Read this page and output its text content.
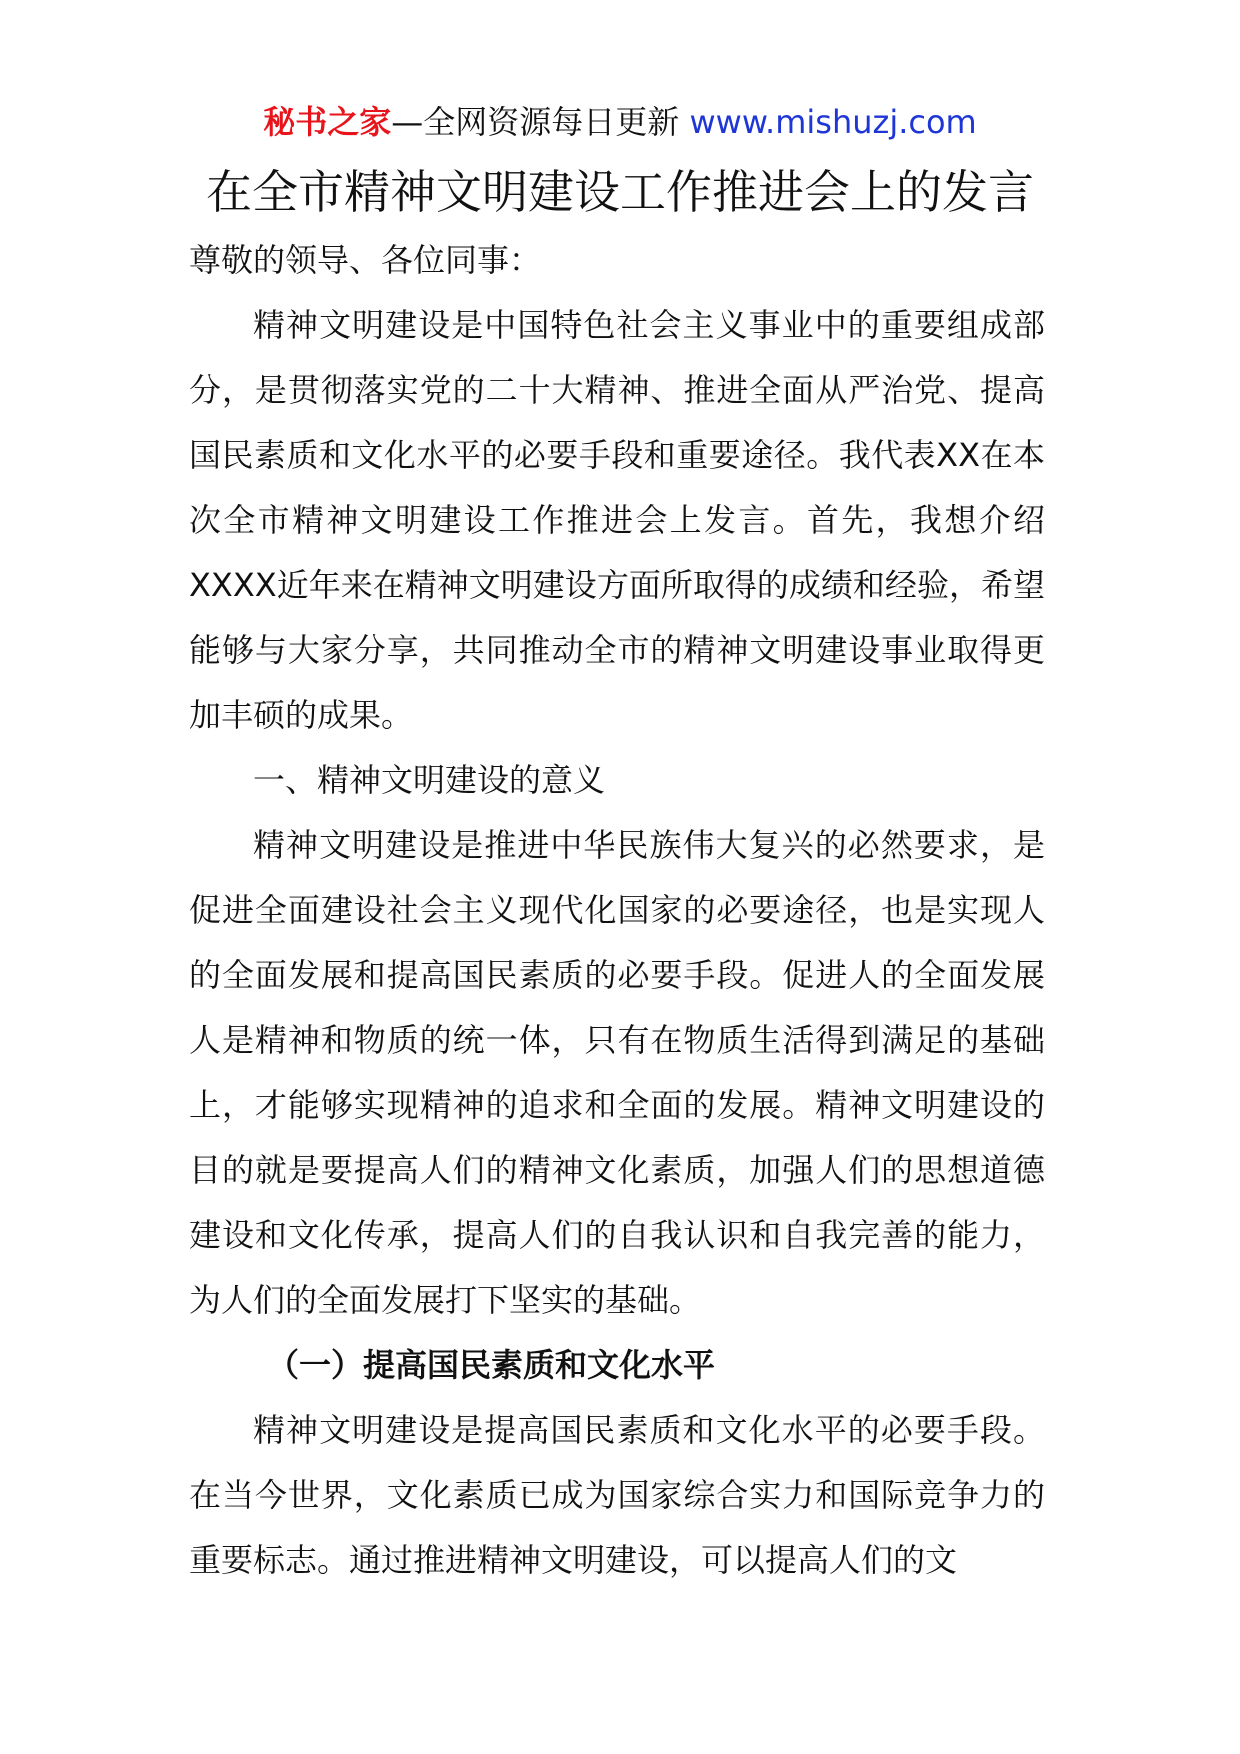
秘书之家—全网资源每日更新 www.mishuzj.com
在全市精神文明建设工作推进会上的发言

尊敬的领导、各位同事：

精神文明建设是中国特色社会主义事业中的重要组成部分，是贯彻落实党的二十大精神、推进全面从严治党、提高国民素质和文化水平的必要手段和重要途径。我代表XX在本次全市精神文明建设工作推进会上发言。首先，我想介绍XXXX近年来在精神文明建设方面所取得的成绩和经验，希望能够与大家分享，共同推动全市的精神文明建设事业取得更加丰硕的成果。

一、精神文明建设的意义

精神文明建设是推进中华民族伟大复兴的必然要求，是促进全面建设社会主义现代化国家的必要途径，也是实现人的全面发展和提高国民素质的必要手段。促进人的全面发展人是精神和物质的统一体，只有在物质生活得到满足的基础上，才能够实现精神的追求和全面的发展。精神文明建设的目的就是要提高人们的精神文化素质，加强人们的思想道德建设和文化传承，提高人们的自我认识和自我完善的能力，为人们的全面发展打下坚实的基础。

（一）提高国民素质和文化水平

精神文明建设是提高国民素质和文化水平的必要手段。在当今世界，文化素质已成为国家综合实力和国际竞争力的重要标志。通过推进精神文明建设，可以提高人们的文
